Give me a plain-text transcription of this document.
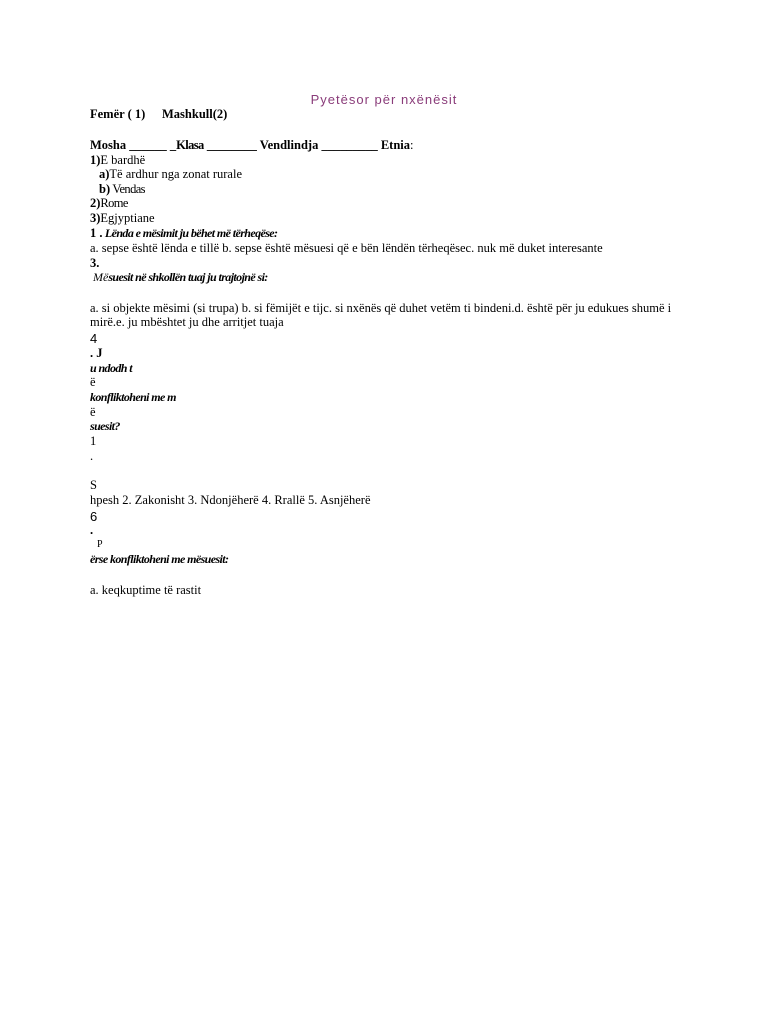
Pyetësor për nxënësit
Femër ( 1) Mashkull(2)
Mosha ______ _Klasa ________ Vendlindja _________ Etnia:
1)E bardhë
a)Të ardhur nga zonat rurale
b) Vendas
2)Rome
3)Egjyptiane
1 . Lënda e mësimit ju bëhet më tërheqëse:
a. sepse është lënda e tillë b. sepse është mësuesi që e bën lëndën tërheqësec. nuk më duket interesante
3.
Mësuesit në shkollën tuaj ju trajtojnë si:
a. si objekte mësimi (si trupa) b. si fëmijët e tijc. si nxënës që duhet vetëm ti bindeni.d. është për ju edukues shumë i
mirë.e. ju mbështet ju dhe arritjet tuaja
4
. J
u ndodh t
ë
konfliktoheni me m
ë
suesit?
1
.
S
hpesh 2. Zakonisht 3. Ndonjëherë 4. Rrallë 5. Asnjëherë
6
.
P
ërse konfliktoheni me mësuesit:
a. keqkuptime të rastit
